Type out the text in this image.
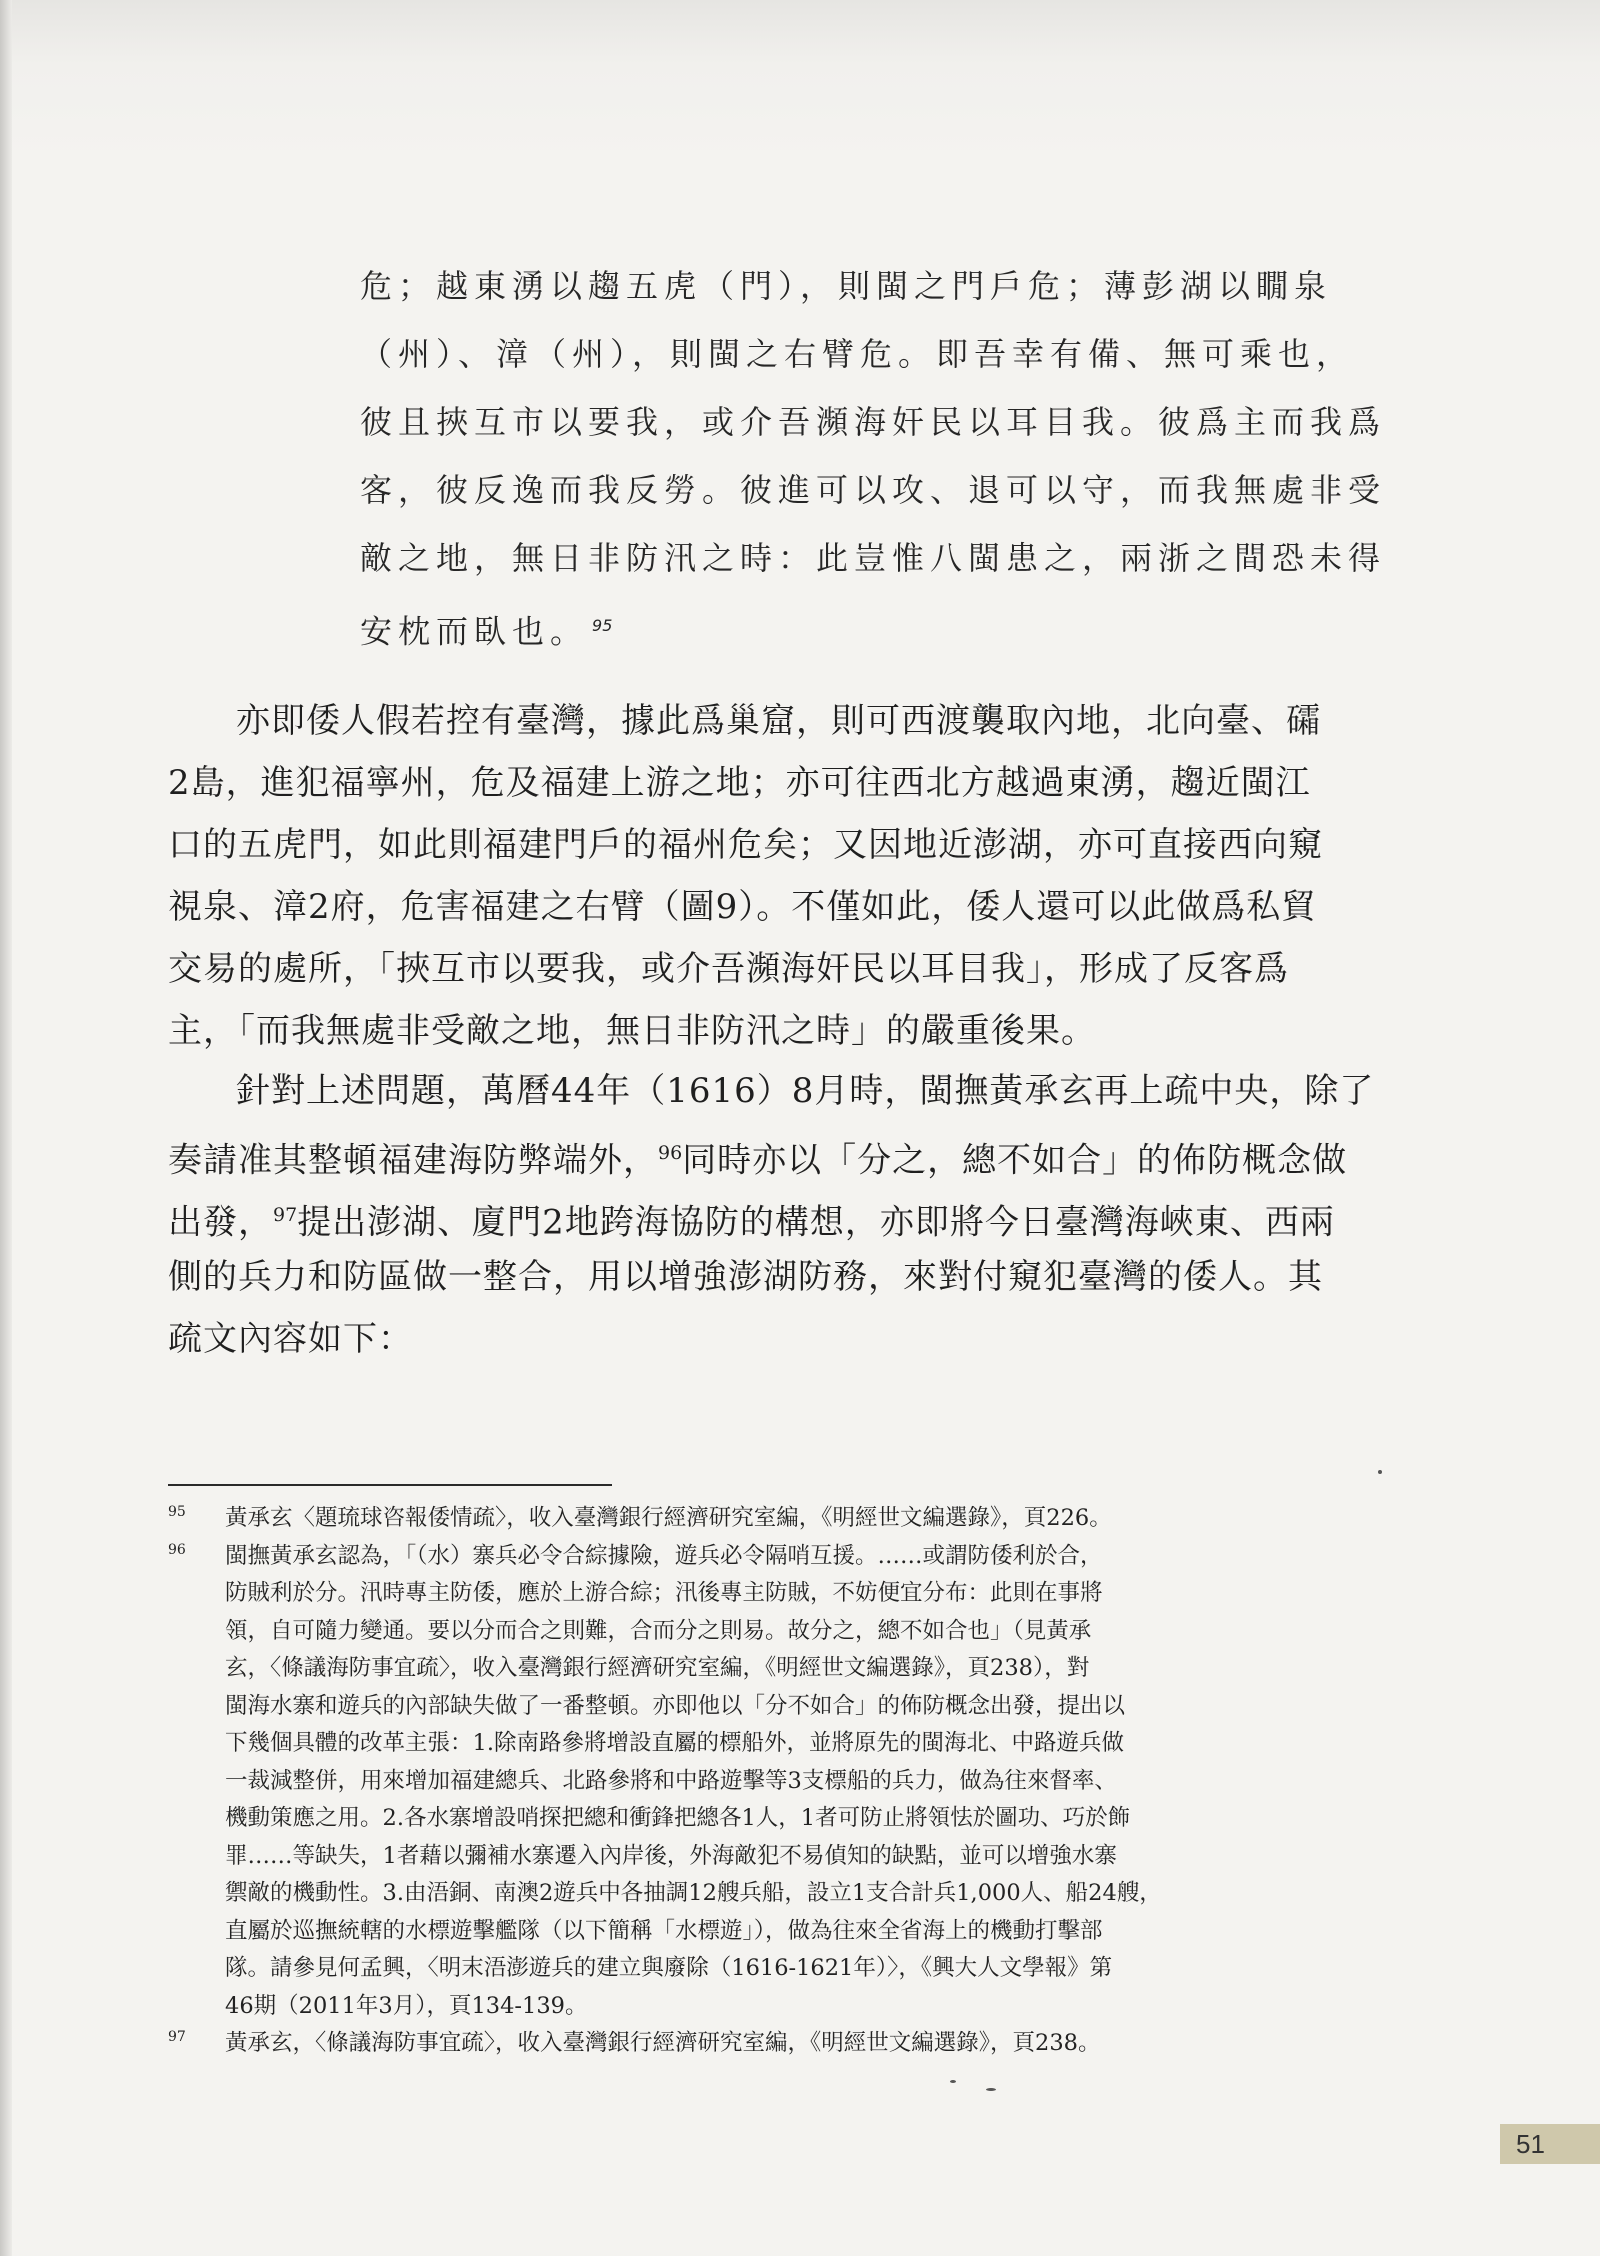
危；越東湧以趨五虎（門），則閩之門戶危；薄彭湖以瞯泉
（州）、漳（州），則閩之右臂危。即吾幸有備、無可乘也，
彼且挾互市以要我，或介吾瀕海奸民以耳目我。彼爲主而我爲
客，彼反逸而我反勞。彼進可以攻、退可以守，而我無處非受
敵之地，無日非防汛之時：此豈惟八閩患之，兩浙之間恐未得
安枕而臥也。 $^{95}$
亦即倭人假若控有臺灣，據此爲巢窟，則可西渡襲取內地，北向臺、礵
2島，進犯福寧州，危及福建上游之地；亦可往西北方越過東湧，趨近閩江
口的五虎門，如此則福建門戶的福州危矣；又因地近澎湖，亦可直接西向窺
視泉、漳2府，危害福建之右臂（圖9）。不僅如此，倭人還可以此做爲私貿
交易的處所，「挾互市以要我，或介吾瀕海奸民以耳目我」，形成了反客爲
主，「而我無處非受敵之地，無日非防汛之時」的嚴重後果。
針對上述問題，萬曆44年（1616）8月時，閩撫黃承玄再上疏中央，除了
奏請准其整頓福建海防弊端外，$^{96}$同時亦以「分之，總不如合」的佈防概念做
出發，$^{97}$提出澎湖、廈門2地跨海協防的構想，亦即將今日臺灣海峽東、西兩
側的兵力和防區做一整合，用以增強澎湖防務，來對付窺犯臺灣的倭人。其
疏文內容如下：
95 黃承玄〈題琉球咨報倭情疏〉，收入臺灣銀行經濟研究室編，《明經世文編選錄》，頁226。
96 閩撫黃承玄認為，「（水）寨兵必令合綜據險，遊兵必令隔哨互援。……或謂防倭利於合，
防賊利於分。汛時專主防倭，應於上游合綜；汛後專主防賊，不妨便宜分布：此則在事將
領，自可隨力變通。要以分而合之則難，合而分之則易。故分之，總不如合也」（見黃承
玄，〈條議海防事宜疏〉，收入臺灣銀行經濟研究室編，《明經世文編選錄》，頁238），對
閩海水寨和遊兵的內部缺失做了一番整頓。亦即他以「分不如合」的佈防概念出發，提出以
下幾個具體的改革主張：1.除南路參將增設直屬的標船外，並將原先的閩海北、中路遊兵做
一裁減整併，用來增加福建總兵、北路參將和中路遊擊等3支標船的兵力，做為往來督率、
機動策應之用。2.各水寨增設哨探把總和衝鋒把總各1人，1者可防止將領怯於圖功、巧於飾
罪……等缺失，1者藉以彌補水寨遷入內岸後，外海敵犯不易偵知的缺點，並可以增強水寨
禦敵的機動性。3.由浯銅、南澳2遊兵中各抽調12艘兵船，設立1支合計兵1,000人、船24艘，
直屬於巡撫統轄的水標遊擊艦隊（以下簡稱「水標遊」），做為往來全省海上的機動打擊部
隊。請參見何孟興，〈明末浯澎遊兵的建立與廢除（1616-1621年）〉，《興大人文學報》第
46期（2011年3月），頁134-139。
97 黃承玄，〈條議海防事宜疏〉，收入臺灣銀行經濟研究室編，《明經世文編選錄》，頁238。
51
